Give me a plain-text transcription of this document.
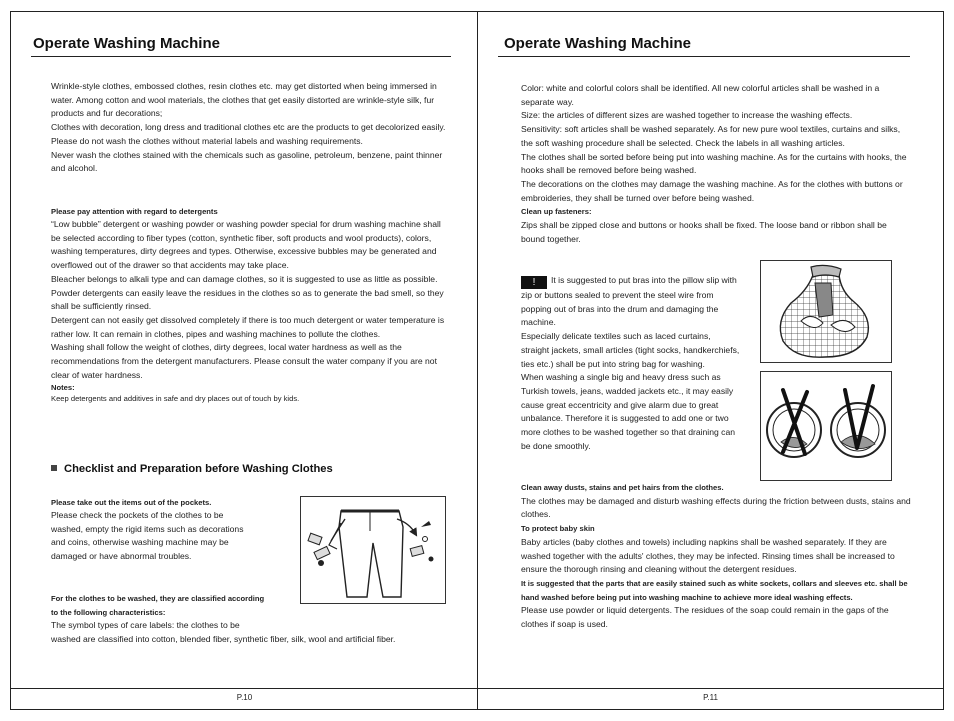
Operate Washing Machine

Wrinkle-style clothes, embossed clothes, resin clothes etc. may get distorted when being immersed in water. Among cotton and wool materials, the clothes that get easily distorted are wrinkle-style silk, fur products and fur decorations;

Clothes with decoration, long dress and traditional clothes etc are the products to get decolorized easily.

Please do not wash the clothes without material labels and washing requirements.

Never wash the clothes stained with the chemicals such as gasoline, petroleum, benzene, paint thinner and alcohol.

Please pay attention with regard to detergents

“Low bubble” detergent or washing powder or washing powder special for drum washing machine shall be selected according to fiber types (cotton, synthetic fiber, soft products and wool products), colors, washing temperatures, dirty degrees and types. Otherwise, excessive bubbles may be generated and overflowed out of the drawer so that accidents may take place.

Bleacher belongs to alkali type and can damage clothes, so it is suggested to use as little as possible.

Powder detergents can easily leave the residues in the clothes so as to generate the bad smell, so they shall be sufficiently rinsed.

Detergent can not easily get dissolved completely if there is too much detergent or water temperature is rather low. It can remain in clothes, pipes and washing machines to pollute the clothes.

Washing shall follow the weight of clothes, dirty degrees, local water hardness as well as the recommendations from the detergent manufacturers. Please consult the water company if you are not clear of water hardness.

Notes:

Keep detergents and additives in safe and dry places out of touch by kids.

Checklist and Preparation before Washing Clothes

Please take out the items out of the pockets.

Please check the pockets of the clothes to be washed, empty the rigid items such as decorations and coins, otherwise washing machine may be damaged or have abnormal troubles.

For the clothes to be washed, they are classified according to the following characteristics:

The symbol types of care labels: the clothes to be

washed are classified into cotton, blended fiber, synthetic fiber, silk, wool and artificial fiber.

P.10
Operate Washing Machine

Color: white and colorful colors shall be identified. All new colorful articles shall be washed in a separate way.

Size: the articles of different sizes are washed together to increase the washing effects.

Sensitivity: soft articles shall be washed separately. As for new pure wool textiles, curtains and silks, the soft washing procedure shall be selected. Check the labels in all washing articles.

The clothes shall be sorted before being put into washing machine. As for the curtains with hooks, the hooks shall be removed before being washed.

The decorations on the clothes may damage the washing machine. As for the clothes with buttons or embroideries, they shall be turned over before being washed.

Clean up fasteners:

Zips shall be zipped close and buttons or hooks shall be fixed. The loose band or ribbon shall be bound together.

! It is suggested to put bras into the pillow slip with zip or buttons sealed to prevent the steel wire from popping out of bras into the drum and damaging the machine.

Especially delicate textiles such as laced curtains, straight jackets, small articles (tight socks, handkerchiefs, ties etc.) shall be put into string bag for washing.

When washing a single big and heavy dress such as Turkish towels, jeans, wadded jackets etc., it may easily cause great eccentricity and give alarm due to great unbalance. Therefore it is suggested to add one or two more clothes to be washed together so that draining can be done smoothly.

Clean away dusts, stains and pet hairs from the clothes.

The clothes may be damaged and disturb washing effects during the friction between dusts, stains and clothes.

To protect baby skin

Baby articles (baby clothes and towels) including napkins shall be washed separately. If they are washed together with the adults' clothes, they may be infected. Rinsing times shall be increased to ensure the thorough rinsing and cleaning without the detergent residues.

It is suggested that the parts that are easily stained such as white sockets, collars and sleeves etc. shall be hand washed before being put into washing machine to achieve more ideal washing effects.

Please use powder or liquid detergents. The residues of the soap could remain in the gaps of the clothes if soap is used.

P.11
